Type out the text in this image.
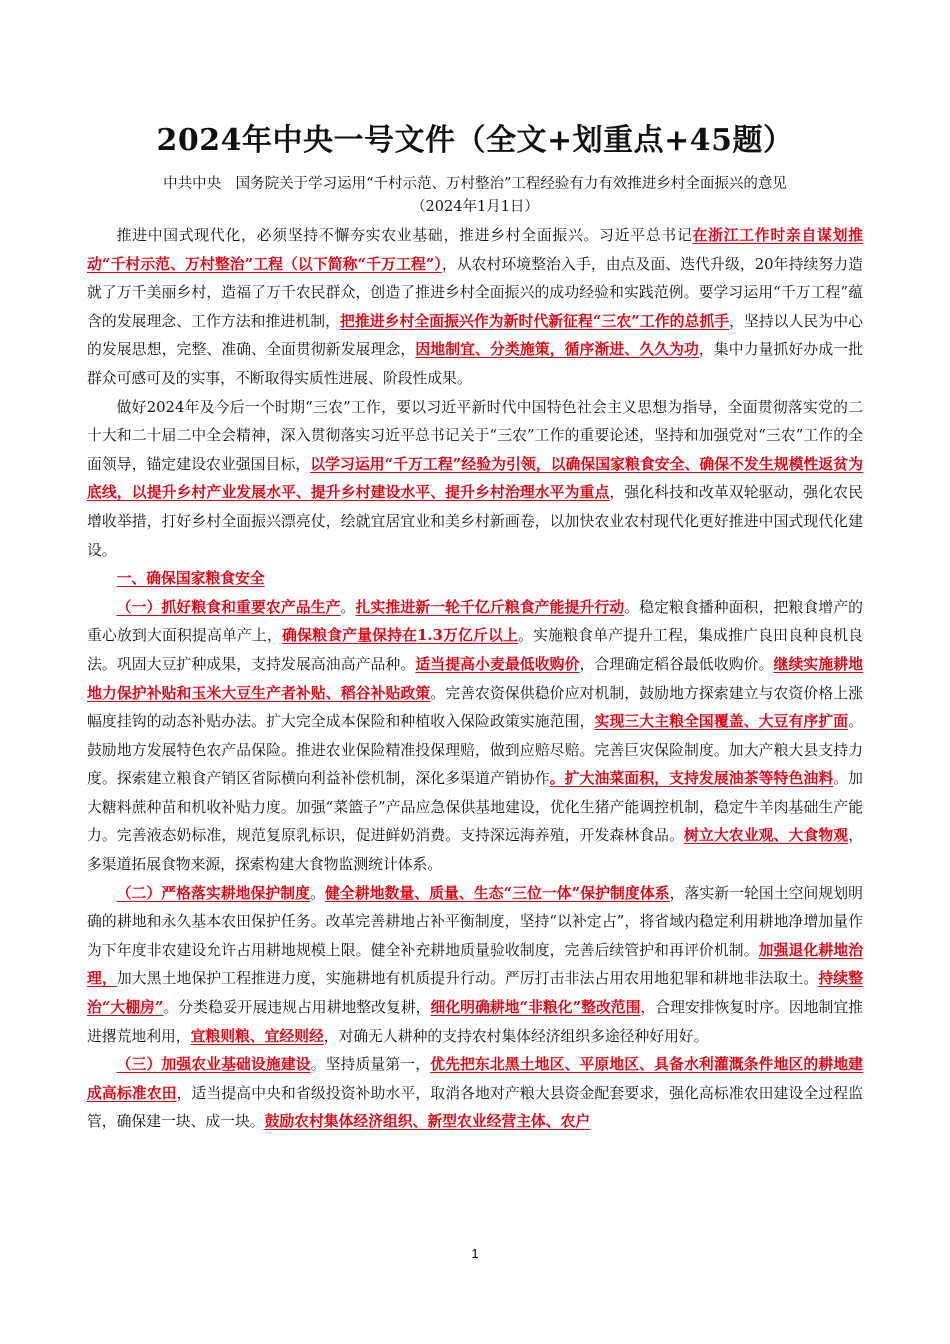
2024年中央一号文件（全文+划重点+45题）

中共中央　国务院关于学习运用“千村示范、万村整治”工程经验有力有效推进乡村全面振兴的意见

（2024年1月1日）

推进中国式现代化，必须坚持不懈夯实农业基础，推进乡村全面振兴。习近平总书记在浙江工作时亲自谋划推动“千村示范、万村整治”工程（以下简称“千万工程”），从农村环境整治入手，由点及面、迭代升级，20年持续努力造就了万千美丽乡村，造福了万千农民群众，创造了推进乡村全面振兴的成功经验和实践范例。要学习运用“千万工程”蕴含的发展理念、工作方法和推进机制，把推进乡村全面振兴作为新时代新征程“三农”工作的总抓手，坚持以人民为中心的发展思想，完整、准确、全面贯彻新发展理念，因地制宜、分类施策，循序渐进、久久为功，集中力量抓好办成一批群众可感可及的实事，不断取得实质性进展、阶段性成果。

做好2024年及今后一个时期“三农”工作，要以习近平新时代中国特色社会主义思想为指导，全面贯彻落实党的二十大和二十届二中全会精神，深入贯彻落实习近平总书记关于“三农”工作的重要论述，坚持和加强党对“三农”工作的全面领导，锚定建设农业强国目标，以学习运用“千万工程”经验为引领，以确保国家粮食安全、确保不发生规模性返贫为底线，以提升乡村产业发展水平、提升乡村建设水平、提升乡村治理水平为重点，强化科技和改革双轮驱动，强化农民增收举措，打好乡村全面振兴漂亮仗，绘就宜居宜业和美乡村新画卷，以加快农业农村现代化更好推进中国式现代化建设。

一、确保国家粮食安全

（一）抓好粮食和重要农产品生产。扎实推进新一轮千亿斤粮食产能提升行动。稳定粮食播种面积，把粮食增产的重心放到大面积提高单产上，确保粮食产量保持在1.3万亿斤以上。实施粮食单产提升工程，集成推广良田良种良机良法。巩固大豆扩种成果，支持发展高油高产品种。适当提高小麦最低收购价，合理确定稻谷最低收购价。继续实施耕地地力保护补贴和玉米大豆生产者补贴、稻谷补贴政策。完善农资保供稳价应对机制，鼓励地方探索建立与农资价格上涨幅度挂钩的动态补贴办法。扩大完全成本保险和种植收入保险政策实施范围，实现三大主粮全国覆盖、大豆有序扩面。鼓励地方发展特色农产品保险。推进农业保险精准投保理赔，做到应赔尽赔。完善巨灾保险制度。加大产粮大县支持力度。探索建立粮食产销区省际横向利益补偿机制，深化多渠道产销协作。扩大油菜面积，支持发展油茶等特色油料。加大糖料蔗种苗和机收补贴力度。加强“菜篮子”产品应急保供基地建设，优化生猪产能调控机制，稳定牛羊肉基础生产能力。完善液态奶标准，规范复原乳标识，促进鲜奶消费。支持深远海养殖，开发森林食品。树立大农业观、大食物观，多渠道拓展食物来源，探索构建大食物监测统计体系。

（二）严格落实耕地保护制度。健全耕地数量、质量、生态“三位一体”保护制度体系，落实新一轮国土空间规划明确的耕地和永久基本农田保护任务。改革完善耕地占补平衡制度，坚持“以补定占”，将省域内稳定利用耕地净增加量作为下年度非农建设允许占用耕地规模上限。健全补充耕地质量验收制度，完善后续管护和再评价机制。加强退化耕地治理，加大黑土地保护工程推进力度，实施耕地有机质提升行动。严厉打击非法占用农用地犯罪和耕地非法取土。持续整治“大棚房”。分类稳妥开展违规占用耕地整改复耕，细化明确耕地“非粮化”整改范围，合理安排恢复时序。因地制宜推进撂荒地利用，宜粮则粮、宜经则经，对确无人耕种的支持农村集体经济组织多途径种好用好。

（三）加强农业基础设施建设。坚持质量第一，优先把东北黑土地区、平原地区、具备水利灌溉条件地区的耕地建成高标准农田，适当提高中央和省级投资补助水平，取消各地对产粮大县资金配套要求，强化高标准农田建设全过程监管，确保建一块、成一块。鼓励农村集体经济组织、新型农业经营主体、农户

1
